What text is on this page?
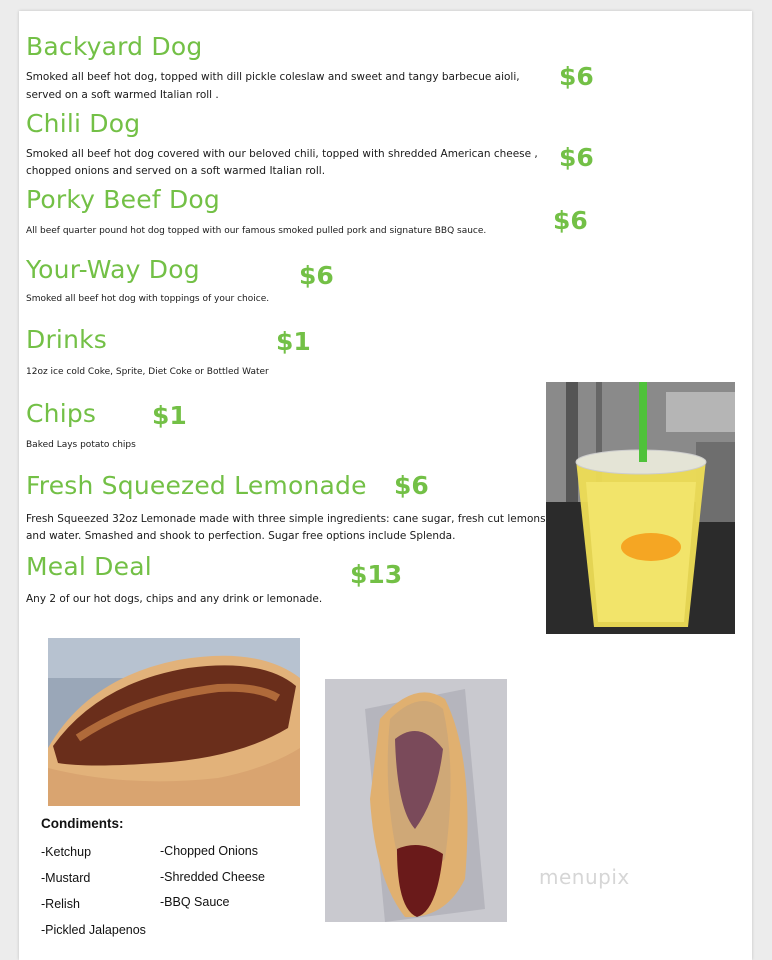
Backyard Dog
$6
Smoked all beef hot dog, topped with dill pickle coleslaw and sweet and tangy barbecue aioli,
served on a soft warmed Italian roll .
Chili Dog
$6
Smoked all beef hot dog covered with our beloved chili, topped with shredded American cheese ,
chopped onions and served on a soft warmed Italian roll.
Porky Beef Dog
$6
All beef quarter pound hot dog topped with our famous smoked pulled pork and signature BBQ sauce.
Your-Way Dog	$6
Smoked all beef hot dog with toppings of your choice.
Drinks	$1
12oz ice cold Coke, Sprite, Diet Coke or Bottled Water
Chips $1
Baked Lays potato chips
Fresh Squeezed Lemonade $6
Fresh Squeezed 32oz Lemonade made with three simple ingredients: cane sugar, fresh cut lemons
and water. Smashed and shook to perfection. Sugar free options include Splenda.
Meal Deal	$13
Any 2 of our hot dogs, chips and any drink or lemonade.
Condiments:
-Ketchup
-Mustard
-Relish
-Pickled Jalapenos
-Chopped Onions
-Shredded Cheese
-BBQ Sauce
menupix
